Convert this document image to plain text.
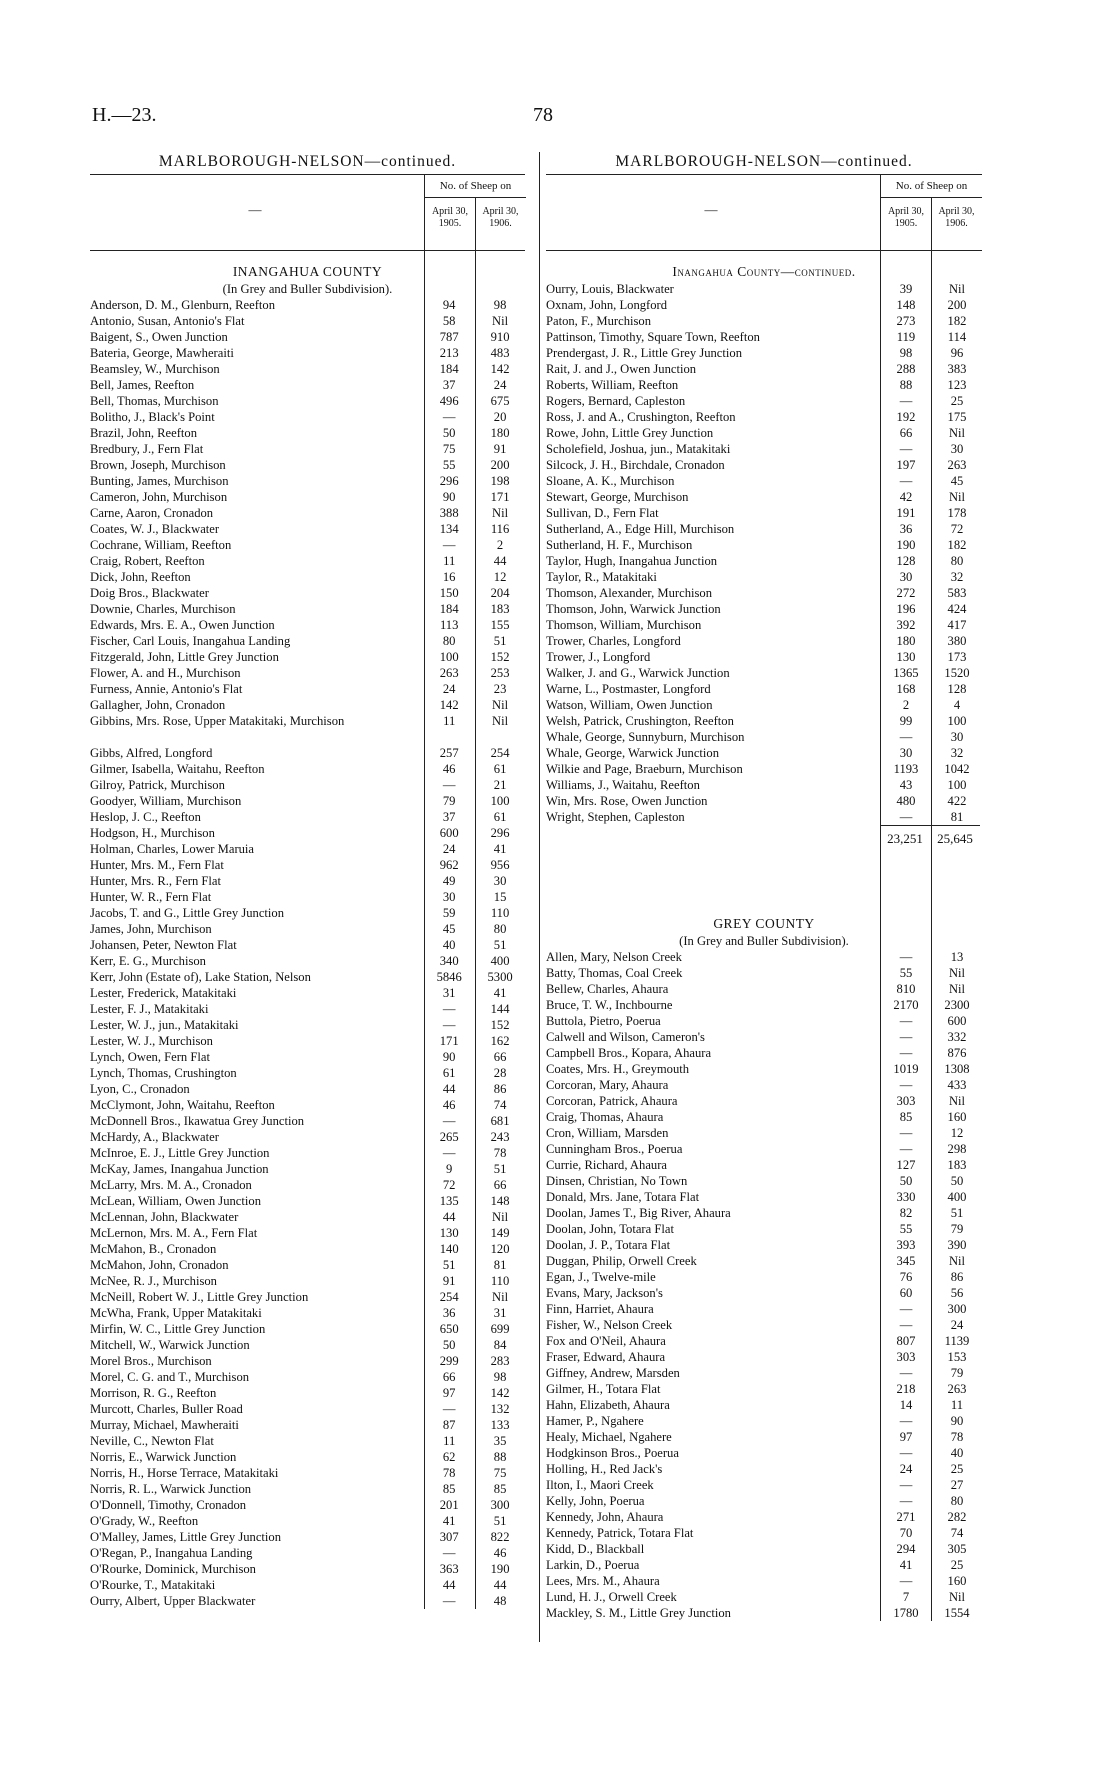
H.—23.	78
MARLBOROUGH-NELSON—continued.
—
No. of Sheep on
April 30, 1905.
April 30, 1906.
INANGAHUA COUNTY
(In Grey and Buller Subdivision).
Anderson, D. M., Glenburn, Reefton	94	98
Antonio, Susan, Antonio's Flat	58	Nil
Baigent, S., Owen Junction	787	910
Bateria, George, Mawheraiti	213	483
Beamsley, W., Murchison	184	142
Bell, James, Reefton	37	24
Bell, Thomas, Murchison	496	675
Bolitho, J., Black's Point	—	20
Brazil, John, Reefton	50	180
Bredbury, J., Fern Flat	75	91
Brown, Joseph, Murchison	55	200
Bunting, James, Murchison	296	198
Cameron, John, Murchison	90	171
Carne, Aaron, Cronadon	388	Nil
Coates, W. J., Blackwater	134	116
Cochrane, William, Reefton	—	2
Craig, Robert, Reefton	11	44
Dick, John, Reefton	16	12
Doig Bros., Blackwater	150	204
Downie, Charles, Murchison	184	183
Edwards, Mrs. E. A., Owen Junction	113	155
Fischer, Carl Louis, Inangahua Landing	80	51
Fitzgerald, John, Little Grey Junction	100	152
Flower, A. and H., Murchison	263	253
Furness, Annie, Antonio's Flat	24	23
Gallagher, John, Cronadon	142	Nil
Gibbins, Mrs. Rose, Upper Matakitaki, Murchison	11	Nil
Gibbs, Alfred, Longford	257	254
Gilmer, Isabella, Waitahu, Reefton	46	61
Gilroy, Patrick, Murchison	—	21
Goodyer, William, Murchison	79	100
Heslop, J. C., Reefton	37	61
Hodgson, H., Murchison	600	296
Holman, Charles, Lower Maruia	24	41
Hunter, Mrs. M., Fern Flat	962	956
Hunter, Mrs. R., Fern Flat	49	30
Hunter, W. R., Fern Flat	30	15
Jacobs, T. and G., Little Grey Junction	59	110
James, John, Murchison	45	80
Johansen, Peter, Newton Flat	40	51
Kerr, E. G., Murchison	340	400
Kerr, John (Estate of), Lake Station, Nelson	5846	5300
Lester, Frederick, Matakitaki	31	41
Lester, F. J., Matakitaki	—	144
Lester, W. J., jun., Matakitaki	—	152
Lester, W. J., Murchison	171	162
Lynch, Owen, Fern Flat	90	66
Lynch, Thomas, Crushington	61	28
Lyon, C., Cronadon	44	86
McClymont, John, Waitahu, Reefton	46	74
McDonnell Bros., Ikawatua Grey Junction	—	681
McHardy, A., Blackwater	265	243
McInroe, E. J., Little Grey Junction	—	78
McKay, James, Inangahua Junction	9	51
McLarry, Mrs. M. A., Cronadon	72	66
McLean, William, Owen Junction	135	148
McLennan, John, Blackwater	44	Nil
McLernon, Mrs. M. A., Fern Flat	130	149
McMahon, B., Cronadon	140	120
McMahon, John, Cronadon	51	81
McNee, R. J., Murchison	91	110
McNeill, Robert W. J., Little Grey Junction	254	Nil
McWha, Frank, Upper Matakitaki	36	31
Mirfin, W. C., Little Grey Junction	650	699
Mitchell, W., Warwick Junction	50	84
Morel Bros., Murchison	299	283
Morel, C. G. and T., Murchison	66	98
Morrison, R. G., Reefton	97	142
Murcott, Charles, Buller Road	—	132
Murray, Michael, Mawheraiti	87	133
Neville, C., Newton Flat	11	35
Norris, E., Warwick Junction	62	88
Norris, H., Horse Terrace, Matakitaki	78	75
Norris, R. L., Warwick Junction	85	85
O'Donnell, Timothy, Cronadon	201	300
O'Grady, W., Reefton	41	51
O'Malley, James, Little Grey Junction	307	822
O'Regan, P., Inangahua Landing	—	46
O'Rourke, Dominick, Murchison	363	190
O'Rourke, T., Matakitaki	44	44
Ourry, Albert, Upper Blackwater	—	48
MARLBOROUGH-NELSON—continued.
—
No. of Sheep on
April 30, 1905.
April 30, 1906.
Inangahua County—continued.
Ourry, Louis, Blackwater	39	Nil
Oxnam, John, Longford	148	200
Paton, F., Murchison	273	182
Pattinson, Timothy, Square Town, Reefton	119	114
Prendergast, J. R., Little Grey Junction	98	96
Rait, J. and J., Owen Junction	288	383
Roberts, William, Reefton	88	123
Rogers, Bernard, Capleston	—	25
Ross, J. and A., Crushington, Reefton	192	175
Rowe, John, Little Grey Junction	66	Nil
Scholefield, Joshua, jun., Matakitaki	—	30
Silcock, J. H., Birchdale, Cronadon	197	263
Sloane, A. K., Murchison	—	45
Stewart, George, Murchison	42	Nil
Sullivan, D., Fern Flat	191	178
Sutherland, A., Edge Hill, Murchison	36	72
Sutherland, H. F., Murchison	190	182
Taylor, Hugh, Inangahua Junction	128	80
Taylor, R., Matakitaki	30	32
Thomson, Alexander, Murchison	272	583
Thomson, John, Warwick Junction	196	424
Thomson, William, Murchison	392	417
Trower, Charles, Longford	180	380
Trower, J., Longford	130	173
Walker, J. and G., Warwick Junction	1365	1520
Warne, L., Postmaster, Longford	168	128
Watson, William, Owen Junction	2	4
Welsh, Patrick, Crushington, Reefton	99	100
Whale, George, Sunnyburn, Murchison	—	30
Whale, George, Warwick Junction	30	32
Wilkie and Page, Braeburn, Murchison	1193	1042
Williams, J., Waitahu, Reefton	43	100
Win, Mrs. Rose, Owen Junction	480	422
Wright, Stephen, Capleston	—	81
23,251	25,645
GREY COUNTY
(In Grey and Buller Subdivision).
Allen, Mary, Nelson Creek	—	13
Batty, Thomas, Coal Creek	55	Nil
Bellew, Charles, Ahaura	810	Nil
Bruce, T. W., Inchbourne	2170	2300
Buttola, Pietro, Poerua	—	600
Calwell and Wilson, Cameron's	—	332
Campbell Bros., Kopara, Ahaura	—	876
Coates, Mrs. H., Greymouth	1019	1308
Corcoran, Mary, Ahaura	—	433
Corcoran, Patrick, Ahaura	303	Nil
Craig, Thomas, Ahaura	85	160
Cron, William, Marsden	—	12
Cunningham Bros., Poerua	—	298
Currie, Richard, Ahaura	127	183
Dinsen, Christian, No Town	50	50
Donald, Mrs. Jane, Totara Flat	330	400
Doolan, James T., Big River, Ahaura	82	51
Doolan, John, Totara Flat	55	79
Doolan, J. P., Totara Flat	393	390
Duggan, Philip, Orwell Creek	345	Nil
Egan, J., Twelve-mile	76	86
Evans, Mary, Jackson's	60	56
Finn, Harriet, Ahaura	—	300
Fisher, W., Nelson Creek	—	24
Fox and O'Neil, Ahaura	807	1139
Fraser, Edward, Ahaura	303	153
Giffney, Andrew, Marsden	—	79
Gilmer, H., Totara Flat	218	263
Hahn, Elizabeth, Ahaura	14	11
Hamer, P., Ngahere	—	90
Healy, Michael, Ngahere	97	78
Hodgkinson Bros., Poerua	—	40
Holling, H., Red Jack's	24	25
Ilton, I., Maori Creek	—	27
Kelly, John, Poerua	—	80
Kennedy, John, Ahaura	271	282
Kennedy, Patrick, Totara Flat	70	74
Kidd, D., Blackball	294	305
Larkin, D., Poerua	41	25
Lees, Mrs. M., Ahaura	—	160
Lund, H. J., Orwell Creek	7	Nil
Mackley, S. M., Little Grey Junction	1780	1554
